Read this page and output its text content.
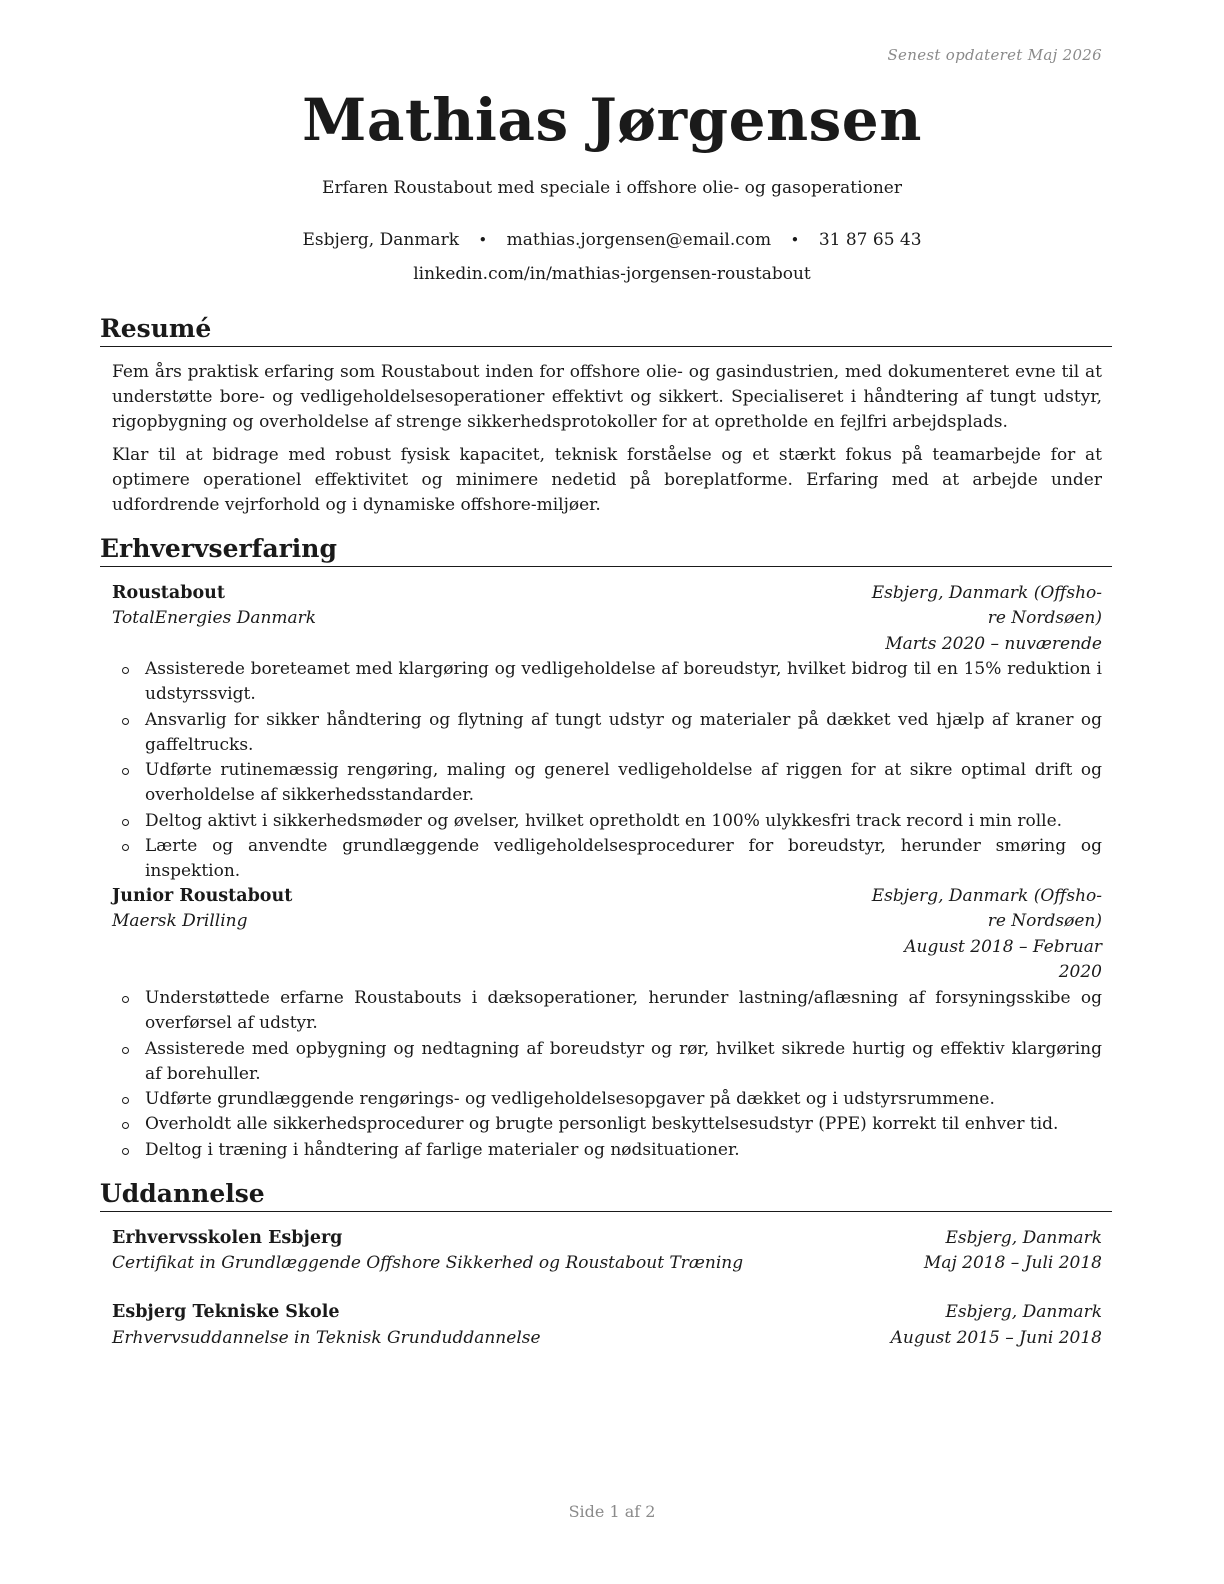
Senest opdateret Maj 2026
Mathias Jørgensen
Erfaren Roustabout med speciale i offshore olie- og gasoperationer
Esbjerg, Danmark • mathias.jorgensen@email.com • 31 87 65 43
linkedin.com/in/mathias-jorgensen-roustabout
Resumé

Fem års praktisk erfaring som Roustabout inden for offshore olie- og gasindustrien, med dokumenteret evne til at understøtte bore- og vedligeholdelsesoperationer effektivt og sikkert. Specialiseret i håndtering af tungt udstyr, rigopbygning og overholdelse af strenge sikkerhedsprotokoller for at opretholde en fejlfri arbejdsplads.

Klar til at bidrage med robust fysisk kapacitet, teknisk forståelse og et stærkt fokus på teamarbejde for at optimere operationel effektivitet og minimere nedetid på boreplatforme. Erfaring med at arbejde under udfordrende vejrforhold og i dynamiske offshore-miljøer.

Erhvervserfaring
Roustabout
TotalEnergies Danmark
Esbjerg, Danmark (Offsho-
re Nordsøen)
Marts 2020 – nuværende
Assisterede boreteamet med klargøring og vedligeholdelse af boreudstyr, hvilket bidrog til en 15% reduktion i udstyrssvigt.
Ansvarlig for sikker håndtering og flytning af tungt udstyr og materialer på dækket ved hjælp af kraner og gaffeltrucks.
Udførte rutinemæssig rengøring, maling og generel vedligeholdelse af riggen for at sikre optimal drift og overholdelse af sikkerhedsstandarder.
Deltog aktivt i sikkerhedsmøder og øvelser, hvilket opretholdt en 100% ulykkesfri track record i min rolle.
Lærte og anvendte grundlæggende vedligeholdelsesprocedurer for boreudstyr, herunder smøring og inspektion.
Junior Roustabout
Maersk Drilling
Esbjerg, Danmark (Offsho-
re Nordsøen)
August 2018 – Februar
2020
Understøttede erfarne Roustabouts i dæksoperationer, herunder lastning/aflæsning af forsyningsskibe og overførsel af udstyr.
Assisterede med opbygning og nedtagning af boreudstyr og rør, hvilket sikrede hurtig og effektiv klargøring af borehuller.
Udførte grundlæggende rengørings- og vedligeholdelsesopgaver på dækket og i udstyrsrummene.
Overholdt alle sikkerhedsprocedurer og brugte personligt beskyttelsesudstyr (PPE) korrekt til enhver tid.
Deltog i træning i håndtering af farlige materialer og nødsituationer.
Uddannelse
Erhvervsskolen Esbjerg
Certifikat in Grundlæggende Offshore Sikkerhed og Roustabout Træning
Esbjerg, Danmark
Maj 2018 – Juli 2018
Esbjerg Tekniske Skole
Erhvervsuddannelse in Teknisk Grunduddannelse
Esbjerg, Danmark
August 2015 – Juni 2018
Side 1 af 2
